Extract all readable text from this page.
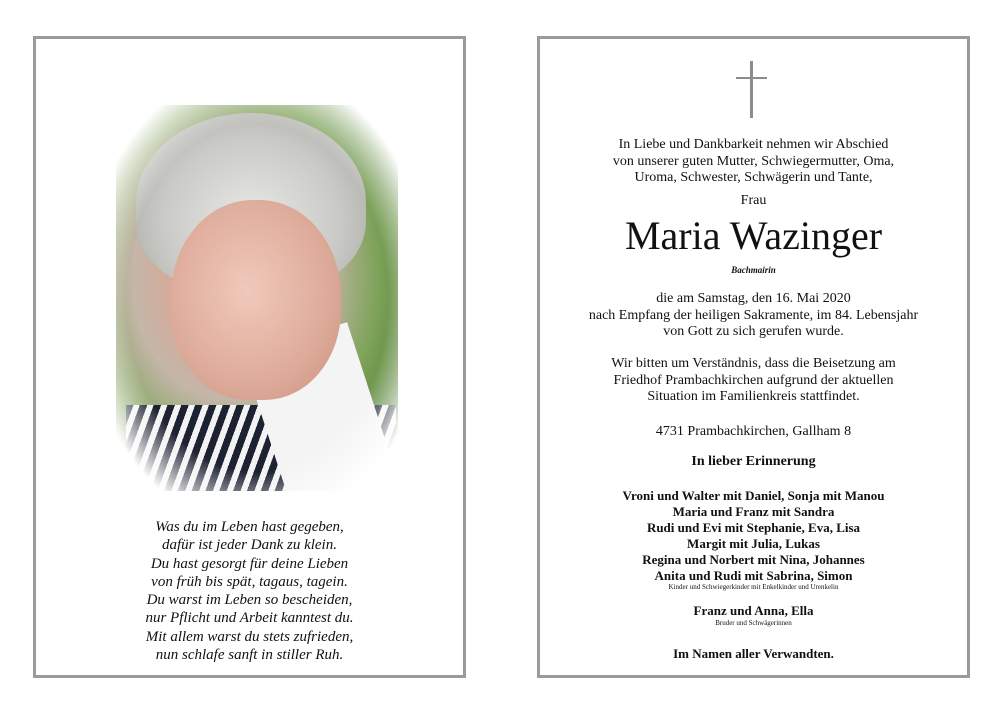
Was du im Leben hast gegeben,
dafür ist jeder Dank zu klein.
Du hast gesorgt für deine Lieben
von früh bis spät, tagaus, tagein.
Du warst im Leben so bescheiden,
nur Pflicht und Arbeit kanntest du.
Mit allem warst du stets zufrieden,
nun schlafe sanft in stiller Ruh.
In Liebe und Dankbarkeit nehmen wir Abschied
von unserer guten Mutter, Schwiegermutter, Oma,
Uroma, Schwester, Schwägerin und Tante,
Frau
Maria Wazinger
Bachmairin
die am Samstag, den 16. Mai 2020
nach Empfang der heiligen Sakramente, im 84. Lebensjahr
von Gott zu sich gerufen wurde.
Wir bitten um Verständnis, dass die Beisetzung am
Friedhof Prambachkirchen aufgrund der aktuellen
Situation im Familienkreis stattfindet.
4731 Prambachkirchen, Gallham 8
In lieber Erinnerung
Vroni und Walter mit Daniel, Sonja mit Manou
Maria und Franz mit Sandra
Rudi und Evi mit Stephanie, Eva, Lisa
Margit mit Julia, Lukas
Regina und Norbert mit Nina, Johannes
Anita und Rudi mit Sabrina, Simon
Kinder und Schwiegerkinder mit Enkelkinder und Urenkelin
Franz und Anna, Ella
Bruder und Schwägerinnen
Im Namen aller Verwandten.
